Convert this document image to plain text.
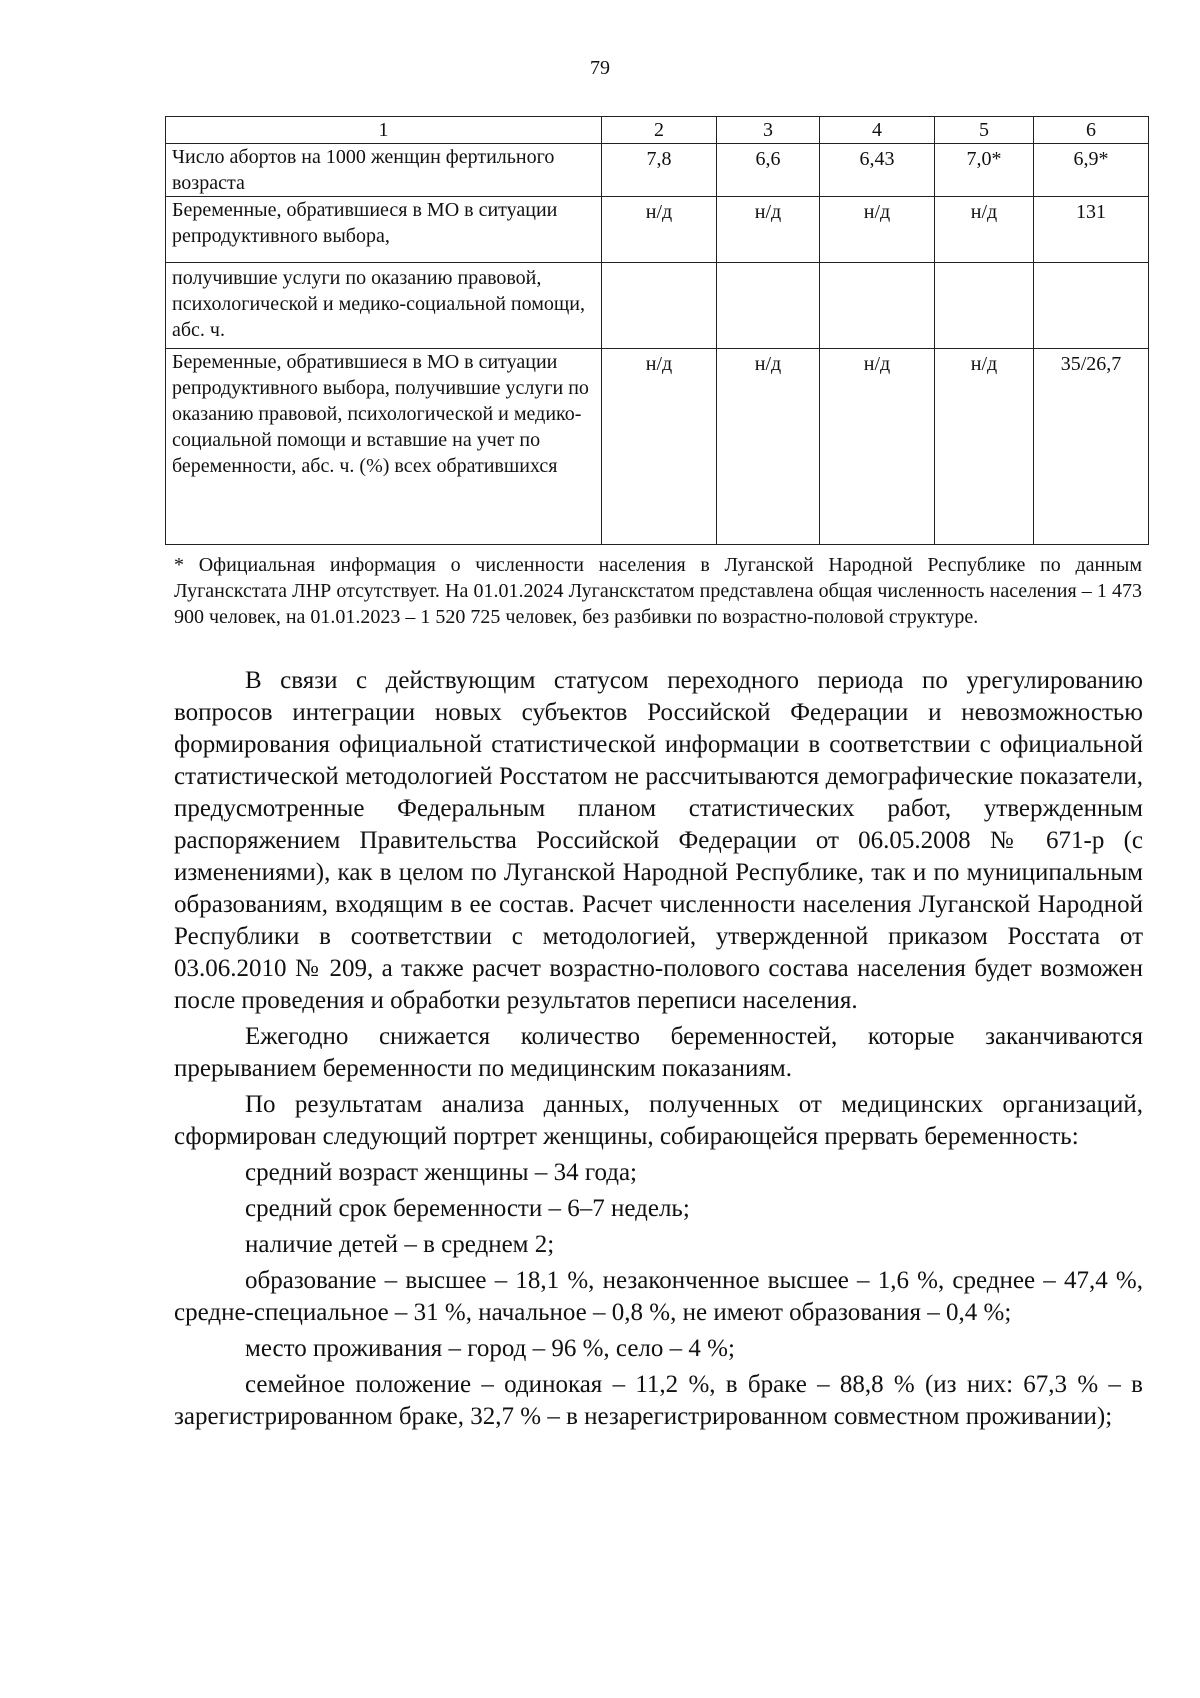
79
1	2	3	4	5	6
Число абортов на 1000 женщин фертильного возраста	7,8	6,6	6,43	7,0*	6,9*
Беременные, обратившиеся в МО в ситуации репродуктивного выбора,	н/д	н/д	н/д	н/д	131
получившие услуги по оказанию правовой, психологической и медико-социальной помощи, абс. ч.					
Беременные, обратившиеся в МО в ситуации репродуктивного выбора, получившие услуги по оказанию правовой, психологической и медико-социальной помощи и вставшие на учет по беременности, абс. ч. (%) всех обратившихся	н/д	н/д	н/д	н/д	35/26,7

* Официальная информация о численности населения в Луганской Народной Республике по данным Луганскстата ЛНР отсутствует. На 01.01.2024 Луганскстатом представлена общая численность населения – 1 473 900 человек, на 01.01.2023 – 1 520 725 человек, без разбивки по возрастно-половой структуре.

В связи с действующим статусом переходного периода по урегулированию вопросов интеграции новых субъектов Российской Федерации и невозможностью формирования официальной статистической информации в соответствии с официальной статистической методологией Росстатом не рассчитываются демографические показатели, предусмотренные Федеральным планом статистических работ, утвержденным распоряжением Правительства Российской Федерации от 06.05.2008 № 671-р (с изменениями), как в целом по Луганской Народной Республике, так и по муниципальным образованиям, входящим в ее состав. Расчет численности населения Луганской Народной Республики в соответствии с методологией, утвержденной приказом Росстата от 03.06.2010 № 209, а также расчет возрастно-полового состава населения будет возможен после проведения и обработки результатов переписи населения.

Ежегодно снижается количество беременностей, которые заканчиваются прерыванием беременности по медицинским показаниям.

По результатам анализа данных, полученных от медицинских организаций, сформирован следующий портрет женщины, собирающейся прервать беременность:

средний возраст женщины – 34 года;

средний срок беременности – 6–7 недель;

наличие детей – в среднем 2;

образование – высшее – 18,1 %, незаконченное высшее – 1,6 %, среднее – 47,4 %, средне-специальное – 31 %, начальное – 0,8 %, не имеют образования – 0,4 %;

место проживания – город – 96 %, село – 4 %;

семейное положение – одинокая – 11,2 %, в браке – 88,8 % (из них: 67,3 % – в зарегистрированном браке, 32,7 % – в незарегистрированном совместном проживании);
